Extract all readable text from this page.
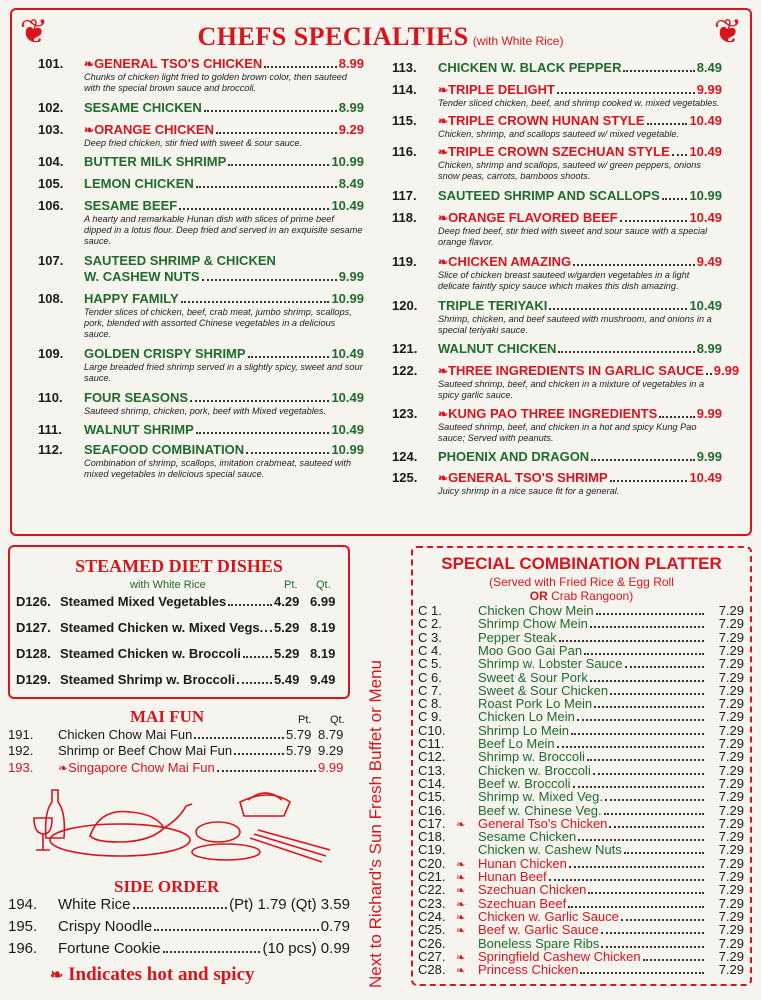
❦	❦
CHEFS SPECIALTIES (with White Rice)
101.	❧ GENERAL TSO'S CHICKEN	8.99
Chunks of chicken light fried to golden brown color, then sauteed with the special brown sauce and broccoli.
102.	SESAME CHICKEN	8.99
103.	❧ ORANGE CHICKEN	9.29
Deep fried chicken, stir fried with sweet & sour sauce.
104.	BUTTER MILK SHRIMP	10.99
105.	LEMON CHICKEN	8.49
106.	SESAME BEEF	10.49
A hearty and remarkable Hunan dish with slices of prime beef dipped in a lotus flour. Deep fried and served in an exquisite sesame sauce.
107.	SAUTEED SHRIMP & CHICKEN
W. CASHEW NUTS	9.99
108.	HAPPY FAMILY	10.99
Tender slices of chicken, beef, crab meat, jumbo shrimp, scallops, pork, blended with assorted Chinese vegetables in a delicious sauce.
109.	GOLDEN CRISPY SHRIMP	10.49
Large breaded fried shrimp served in a slightly spicy, sweet and sour sauce.
110.	FOUR SEASONS	10.49
Sauteed shrimp, chicken, pork, beef with Mixed vegetables.
111.	WALNUT SHRIMP	10.49
112.	SEAFOOD COMBINATION	10.99
Combination of shrimp, scallops, imitation crabmeat, sauteed with mixed vegetables in delicious special sauce.
113.	CHICKEN W. BLACK PEPPER	8.49
114.	❧ TRIPLE DELIGHT	9.99
Tender sliced chicken, beef, and shrimp cooked w. mixed vegetables.
115.	❧ TRIPLE CROWN HUNAN STYLE	10.49
Chicken, shrimp, and scallops sauteed w/ mixed vegetable.
116.	❧ TRIPLE CROWN SZECHUAN STYLE 10.49
Chicken, shrimp and scallops, sauteed w/ green peppers, onions snow peas, carrots, bamboos shoots.
117.	SAUTEED SHRIMP AND SCALLOPS 10.99
118.	❧ ORANGE FLAVORED BEEF	10.49
Deep fried beef, stir fried with sweet and sour sauce with a special orange flavor.
119.	❧ CHICKEN AMAZING	9.49
Slice of chicken breast sauteed w/garden vegetables in a light delicate faintly spicy sauce which makes this dish amazing.
120.	TRIPLE TERIYAKI	10.49
Shrimp, chicken, and beef sauteed with mushroom, and onions in a special teriyaki sauce.
121.	WALNUT CHICKEN	8.99
122.	❧ THREE INGREDIENTS IN GARLIC SAUCE 9.99
Sauteed shrimp, beef, and chicken in a mixture of vegetables in a spicy garlic sauce.
123.	❧ KUNG PAO THREE INGREDIENTS	9.99
Sauteed shrimp, beef, and chicken in a hot and spicy Kung Pao sauce; Served with peanuts.
124.	PHOENIX AND DRAGON	9.99
125.	❧ GENERAL TSO'S SHRIMP	10.49
Juicy shrimp in a nice sauce fit for a general.
STEAMED DIET DISHES
with White Rice	Pt. Qt.
D126. Steamed Mixed Vegetables	4.29 6.99
D127. Steamed Chicken w. Mixed Vegs. 5.29 8.19
D128. Steamed Chicken w. Broccoli	5.29 8.19
D129. Steamed Shrimp w. Broccoli	5.49 9.49
MAI FUN	Pt. Qt.
191.	Chicken Chow Mai Fun	5.79 8.79
192.	Shrimp or Beef Chow Mai Fun	5.79 9.29
193.	❧ Singapore Chow Mai Fun	9.99
SIDE ORDER
194.	White Rice	(Pt) 1.79 (Qt) 3.59
195.	Crispy Noodle	0.79
196.	Fortune Cookie	(10 pcs) 0.99
❧ Indicates hot and spicy	Next to Richard's Sun Fresh Buffet or Menu
SPECIAL COMBINATION PLATTER
(Served with Fried Rice & Egg Roll
OR Crab Rangoon)
C 1.	Chicken Chow Mein	7.29
C 2.	Shrimp Chow Mein	7.29
C 3.	Pepper Steak	7.29
C 4.	Moo Goo Gai Pan	7.29
C 5.	Shrimp w. Lobster Sauce	7.29
C 6.	Sweet & Sour Pork	7.29
C 7.	Sweet & Sour Chicken	7.29
C 8.	Roast Pork Lo Mein	7.29
C 9.	Chicken Lo Mein	7.29
C10.	Shrimp Lo Mein	7.29
C11.	Beef Lo Mein	7.29
C12.	Shrimp w. Broccoli	7.29
C13.	Chicken w. Broccoli	7.29
C14.	Beef w. Broccoli	7.29
C15.	Shrimp w. Mixed Veg.	7.29
C16.	Beef w. Chinese Veg.	7.29
C17. ❧ General Tso's Chicken	7.29
C18.	Sesame Chicken	7.29
C19.	Chicken w. Cashew Nuts	7.29
C20. ❧ Hunan Chicken	7.29
C21. ❧ Hunan Beef	7.29
C22. ❧ Szechuan Chicken	7.29
C23. ❧ Szechuan Beef	7.29
C24. ❧ Chicken w. Garlic Sauce	7.29
C25. ❧ Beef w. Garlic Sauce	7.29
C26.	Boneless Spare Ribs	7.29
C27. ❧ Springfield Cashew Chicken	7.29
C28. ❧ Princess Chicken	7.29
